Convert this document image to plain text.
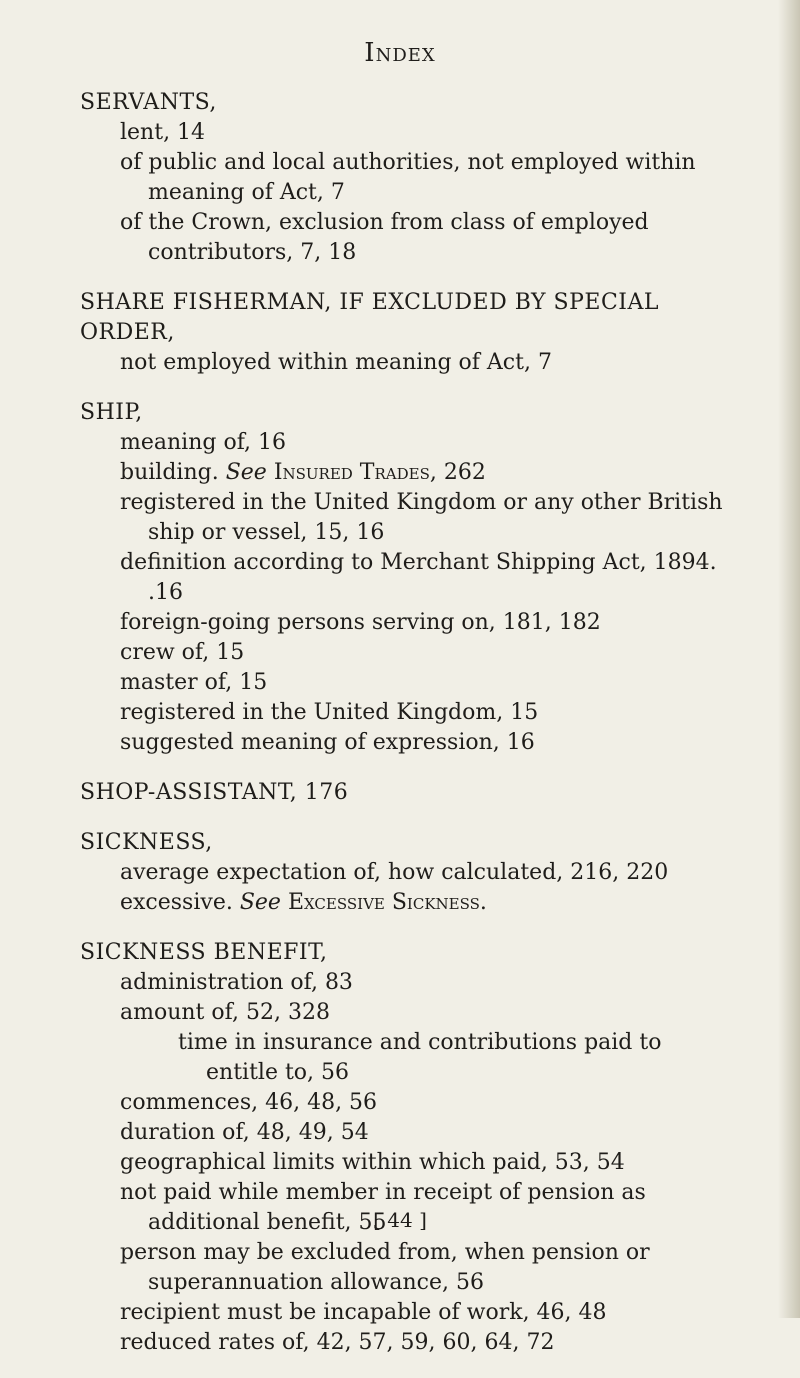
Index
SERVANTS,

lent, 14

of public and local authorities, not employed within meaning of Act, 7

of the Crown, exclusion from class of employed contributors, 7, 18

SHARE FISHERMAN, IF EXCLUDED BY SPECIAL ORDER,

not employed within meaning of Act, 7

SHIP,

meaning of, 16

building. See Insured Trades, 262

registered in the United Kingdom or any other British ship or vessel, 15, 16

definition according to Merchant Shipping Act, 1894. .16

foreign-going persons serving on, 181, 182

crew of, 15

master of, 15

registered in the United Kingdom, 15

suggested meaning of expression, 16

SHOP-ASSISTANT, 176
SICKNESS,

average expectation of, how calculated, 216, 220

excessive. See Excessive Sickness.

SICKNESS BENEFIT,

administration of, 83

amount of, 52, 328

time in insurance and contributions paid to entitle to, 56

commences, 46, 48, 56

duration of, 48, 49, 54

geographical limits within which paid, 53, 54

not paid while member in receipt of pension as additional benefit, 55

person may be excluded from, when pension or superannuation allowance, 56

recipient must be incapable of work, 46, 48

reduced rates of, 42, 57, 59, 60, 64, 72

[ 44 ]
